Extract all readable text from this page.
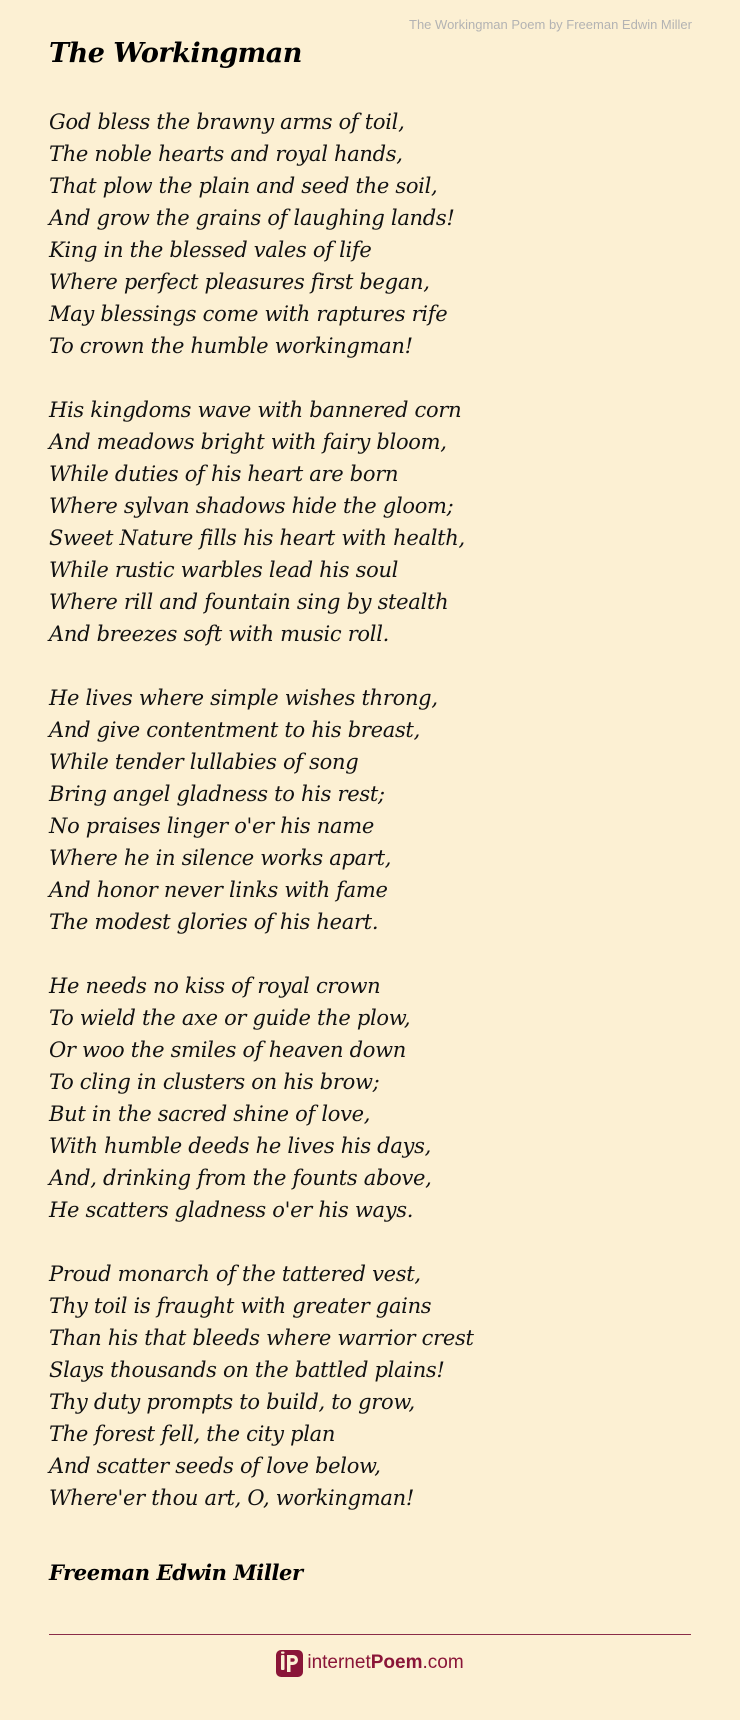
The Workingman Poem by Freeman Edwin Miller
The Workingman
God bless the brawny arms of toil,
The noble hearts and royal hands,
That plow the plain and seed the soil,
And grow the grains of laughing lands!
King in the blessed vales of life
Where perfect pleasures first began,
May blessings come with raptures rife
To crown the humble workingman!
His kingdoms wave with bannered corn
And meadows bright with fairy bloom,
While duties of his heart are born
Where sylvan shadows hide the gloom;
Sweet Nature fills his heart with health,
While rustic warbles lead his soul
Where rill and fountain sing by stealth
And breezes soft with music roll.
He lives where simple wishes throng,
And give contentment to his breast,
While tender lullabies of song
Bring angel gladness to his rest;
No praises linger o'er his name
Where he in silence works apart,
And honor never links with fame
The modest glories of his heart.
He needs no kiss of royal crown
To wield the axe or guide the plow,
Or woo the smiles of heaven down
To cling in clusters on his brow;
But in the sacred shine of love,
With humble deeds he lives his days,
And, drinking from the founts above,
He scatters gladness o'er his ways.
Proud monarch of the tattered vest,
Thy toil is fraught with greater gains
Than his that bleeds where warrior crest
Slays thousands on the battled plains!
Thy duty prompts to build, to grow,
The forest fell, the city plan
And scatter seeds of love below,
Where'er thou art, O, workingman!

Freeman Edwin Miller

internetPoem.com
